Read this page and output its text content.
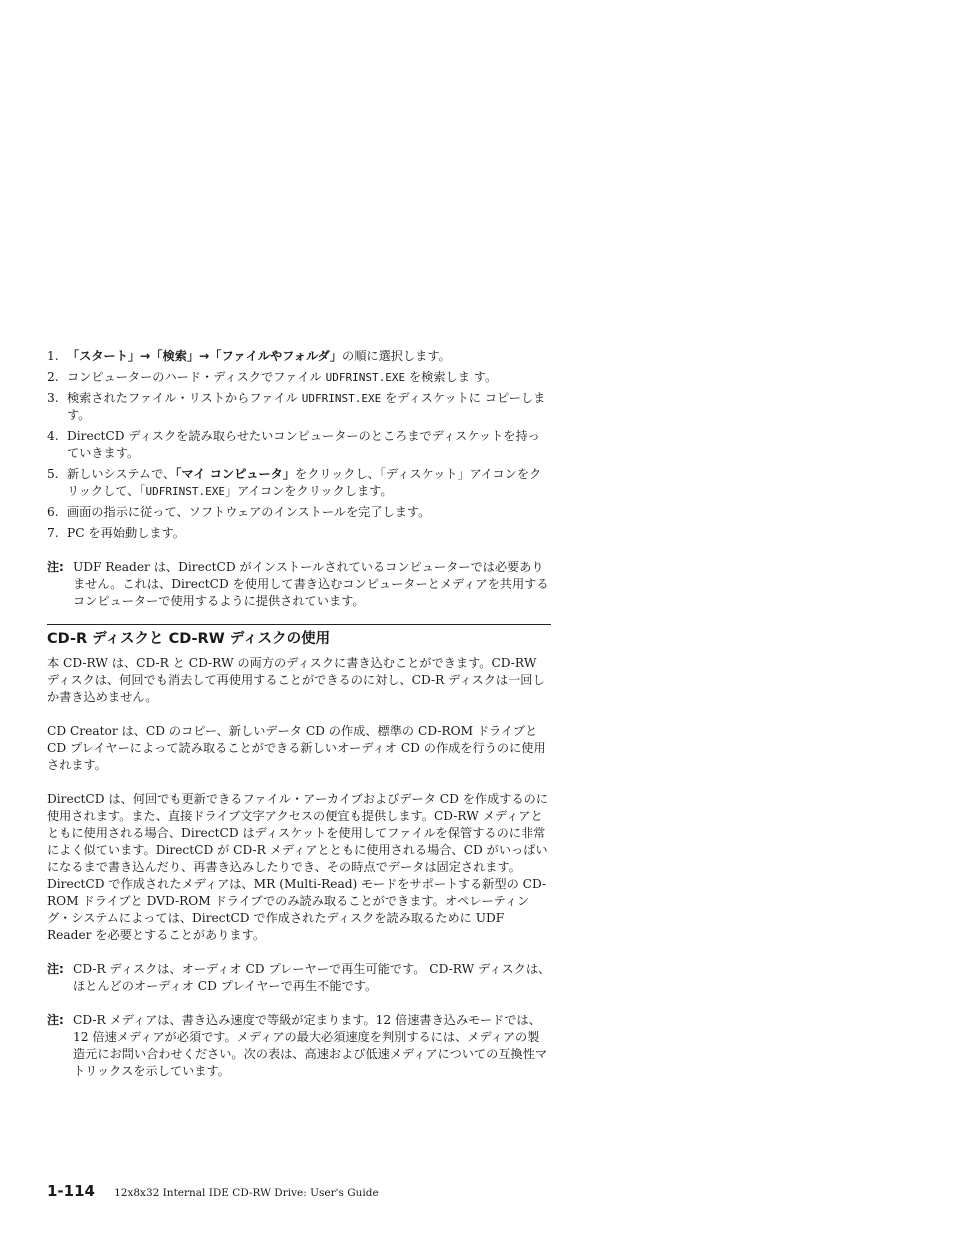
1. 「スタート」→「検索」→「ファイルやフォルダ」の順に選択します。
2. コンピューターのハード・ディスクでファイル UDFRINST.EXE を検索しま す。
3. 検索されたファイル・リストからファイル UDFRINST.EXE をディスケットに コピーします。
4. DirectCD ディスクを読み取らせたいコンピューターのところまでディスケットを持っていきます。
5. 新しいシステムで、「マイ コンピュータ」をクリックし、「ディスケット」アイコンをクリックして、「UDFRINST.EXE」アイコンをクリックします。
6. 画面の指示に従って、ソフトウェアのインストールを完了します。
7. PC を再始動します。
注: UDF Reader は、DirectCD がインストールされているコンピューターでは必要ありません。これは、DirectCD を使用して書き込むコンピューターとメディアを共用するコンピューターで使用するように提供されています。
CD-R ディスクと CD-RW ディスクの使用

本 CD-RW は、CD-R と CD-RW の両方のディスクに書き込むことができます。CD-RW ディスクは、何回でも消去して再使用することができるのに対し、CD-R ディスクは一回しか書き込めません。

CD Creator は、CD のコピー、新しいデータ CD の作成、標準の CD-ROM ドライブと CD プレイヤーによって読み取ることができる新しいオーディオ CD の作成を行うのに使用されます。

DirectCD は、何回でも更新できるファイル・アーカイブおよびデータ CD を作成するのに使用されます。また、直接ドライブ文字アクセスの便宜も提供します。CD-RW メディアとともに使用される場合、DirectCD はディスケットを使用してファイルを保管するのに非常によく似ています。DirectCD が CD-R メディアとともに使用される場合、CD がいっぱいになるまで書き込んだり、再書き込みしたりでき、その時点でデータは固定されます。DirectCD で作成されたメディアは、MR (Multi-Read) モードをサポートする新型の CD-ROM ドライブと DVD-ROM ドライブでのみ読み取ることができます。オペレーティング・システムによっては、DirectCD で作成されたディスクを読み取るために UDF Reader を必要とすることがあります。

注: CD-R ディスクは、オーディオ CD プレーヤーで再生可能です。 CD-RW ディスクは、ほとんどのオーディオ CD プレイヤーで再生不能です。
注: CD-R メディアは、書き込み速度で等級が定まります。12 倍速書き込みモードでは、12 倍速メディアが必須です。メディアの最大必須速度を判別するには、メディアの製造元にお問い合わせください。次の表は、高速および低速メディアについての互換性マトリックスを示しています。
1-114 12x8x32 Internal IDE CD-RW Drive: User's Guide
